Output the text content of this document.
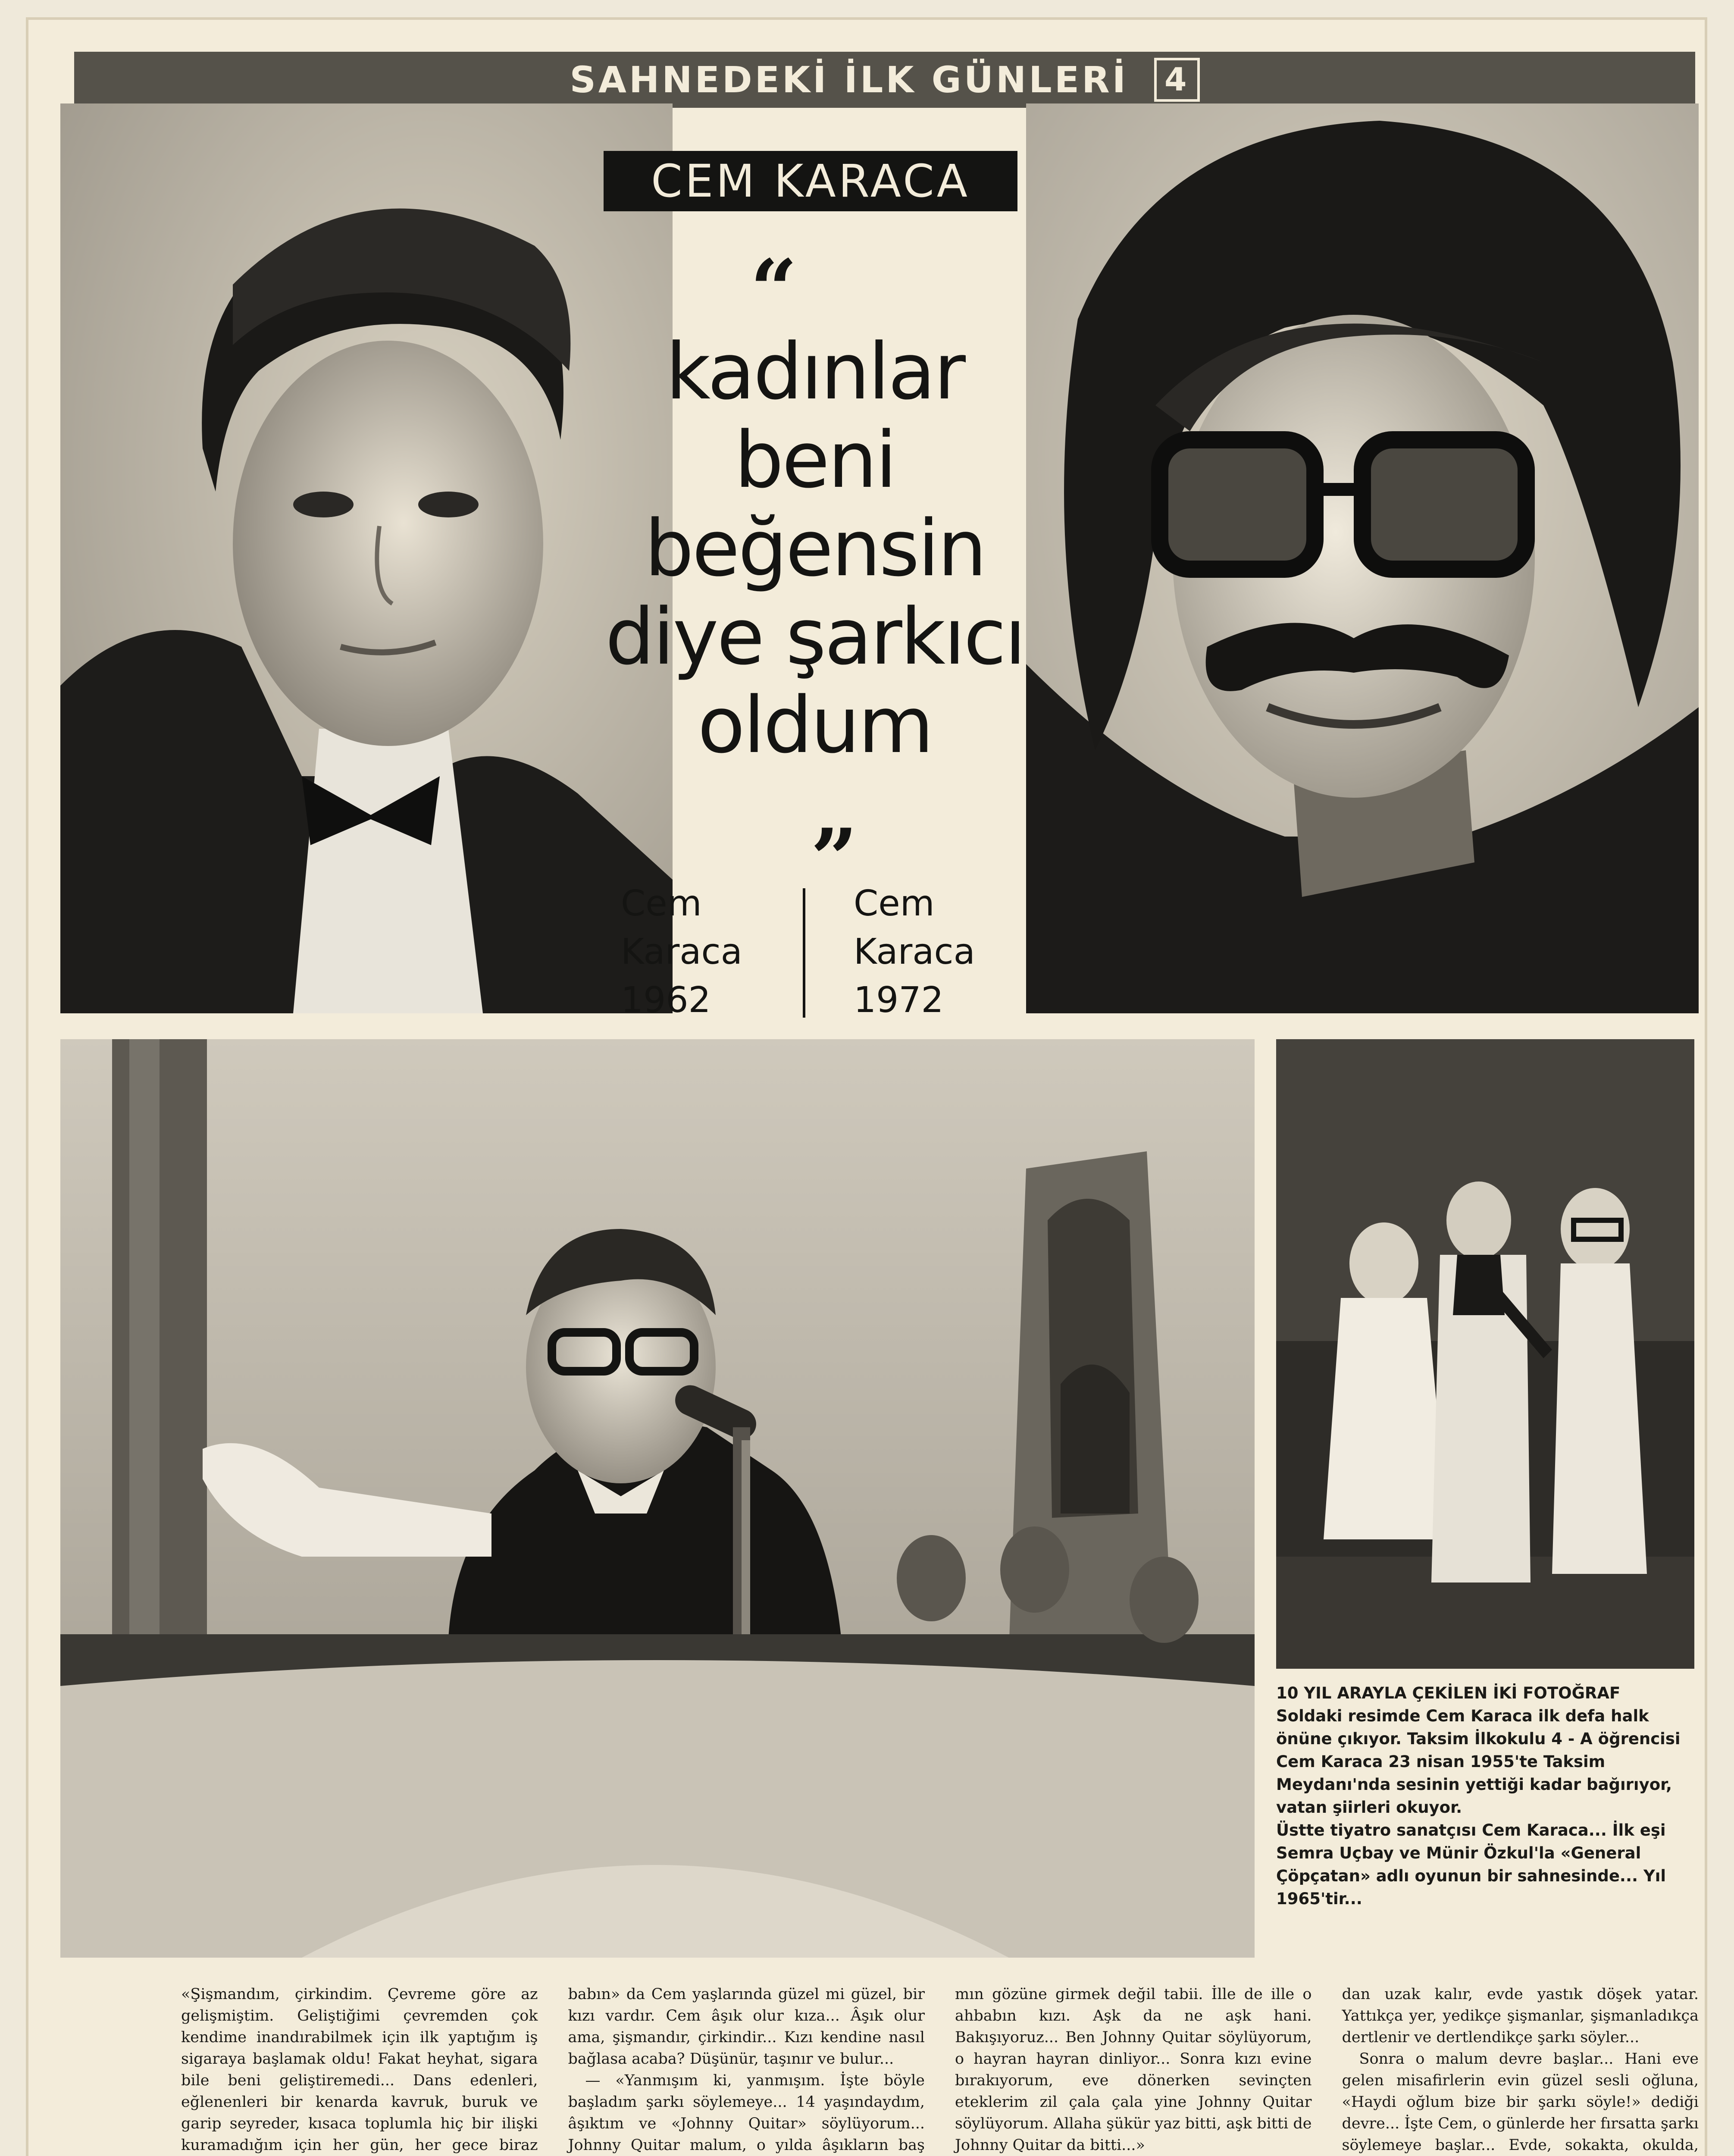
SAHNEDEKİ İLK GÜNLERİ	4
CEM KARACA
“
kadınlar
beni
beğensin
diye şarkıcı
oldum
”
Cem
Karaca
1962
Cem
Karaca
1972

10 YIL ARAYLA ÇEKİLEN İKİ FOTOĞRAF

Soldaki resimde Cem Karaca ilk defa halk önüne çıkıyor. Taksim İlkokulu 4 - A öğrencisi Cem Karaca 23 nisan 1955'te Taksim Meydanı'nda sesinin yettiği kadar bağırıyor, vatan şiirleri okuyor.

Üstte tiyatro sanatçısı Cem Karaca... İlk eşi Semra Uçbay ve Münir Özkul'la «General Çöpçatan» adlı oyunun bir sahnesinde... Yıl 1965'tir...

«Şişmandım, çirkindim. Çevreme göre az gelişmiştim. Geliştiğimi çevremden çok kendime inandırabilmek için ilk yaptığım iş sigaraya başlamak oldu! Fakat heyhat, sigara bile beni geliştiremedi... Dans edenleri, eğlenenleri bir kenarda kavruk, buruk ve garip seyreder, kısaca toplumla hiç bir ilişki kuramadığım için her gün, her gece biraz

babın» da Cem yaşlarında güzel mi güzel, bir kızı vardır. Cem âşık olur kıza... Âşık olur ama, şişmandır, çirkindir... Kızı kendine nasıl bağlasa acaba? Düşünür, taşınır ve bulur...

— «Yanmışım ki, yanmışım. İşte böyle başladım şarkı söylemeye... 14 yaşındaydım, âşıktım ve «Johnny Quitar» söylüyorum... Johnny Quitar malum, o yılda âşıkların baş

mın gözüne girmek değil tabii. İlle de ille o ahbabın kızı. Aşk da ne aşk hani. Bakışıyoruz... Ben Johnny Quitar söylüyorum, o hayran hayran dinliyor... Sonra kızı evine bırakıyorum, eve dönerken sevinçten eteklerim zil çala çala yine Johnny Quitar söylüyorum. Allaha şükür yaz bitti, aşk bitti de Johnny Quitar da bitti...»

dan uzak kalır, evde yastık döşek yatar. Yattıkça yer, yedikçe şişmanlar, şişmanladıkça dertlenir ve dertlendikçe şarkı söyler...

Sonra o malum devre başlar... Hani eve gelen misafirlerin evin güzel sesli oğluna, «Haydi oğlum bize bir şarkı söyle!» dediği devre... İşte Cem, o günlerde her fırsatta şarkı söylemeye başlar... Evde, sokakta, okulda,
